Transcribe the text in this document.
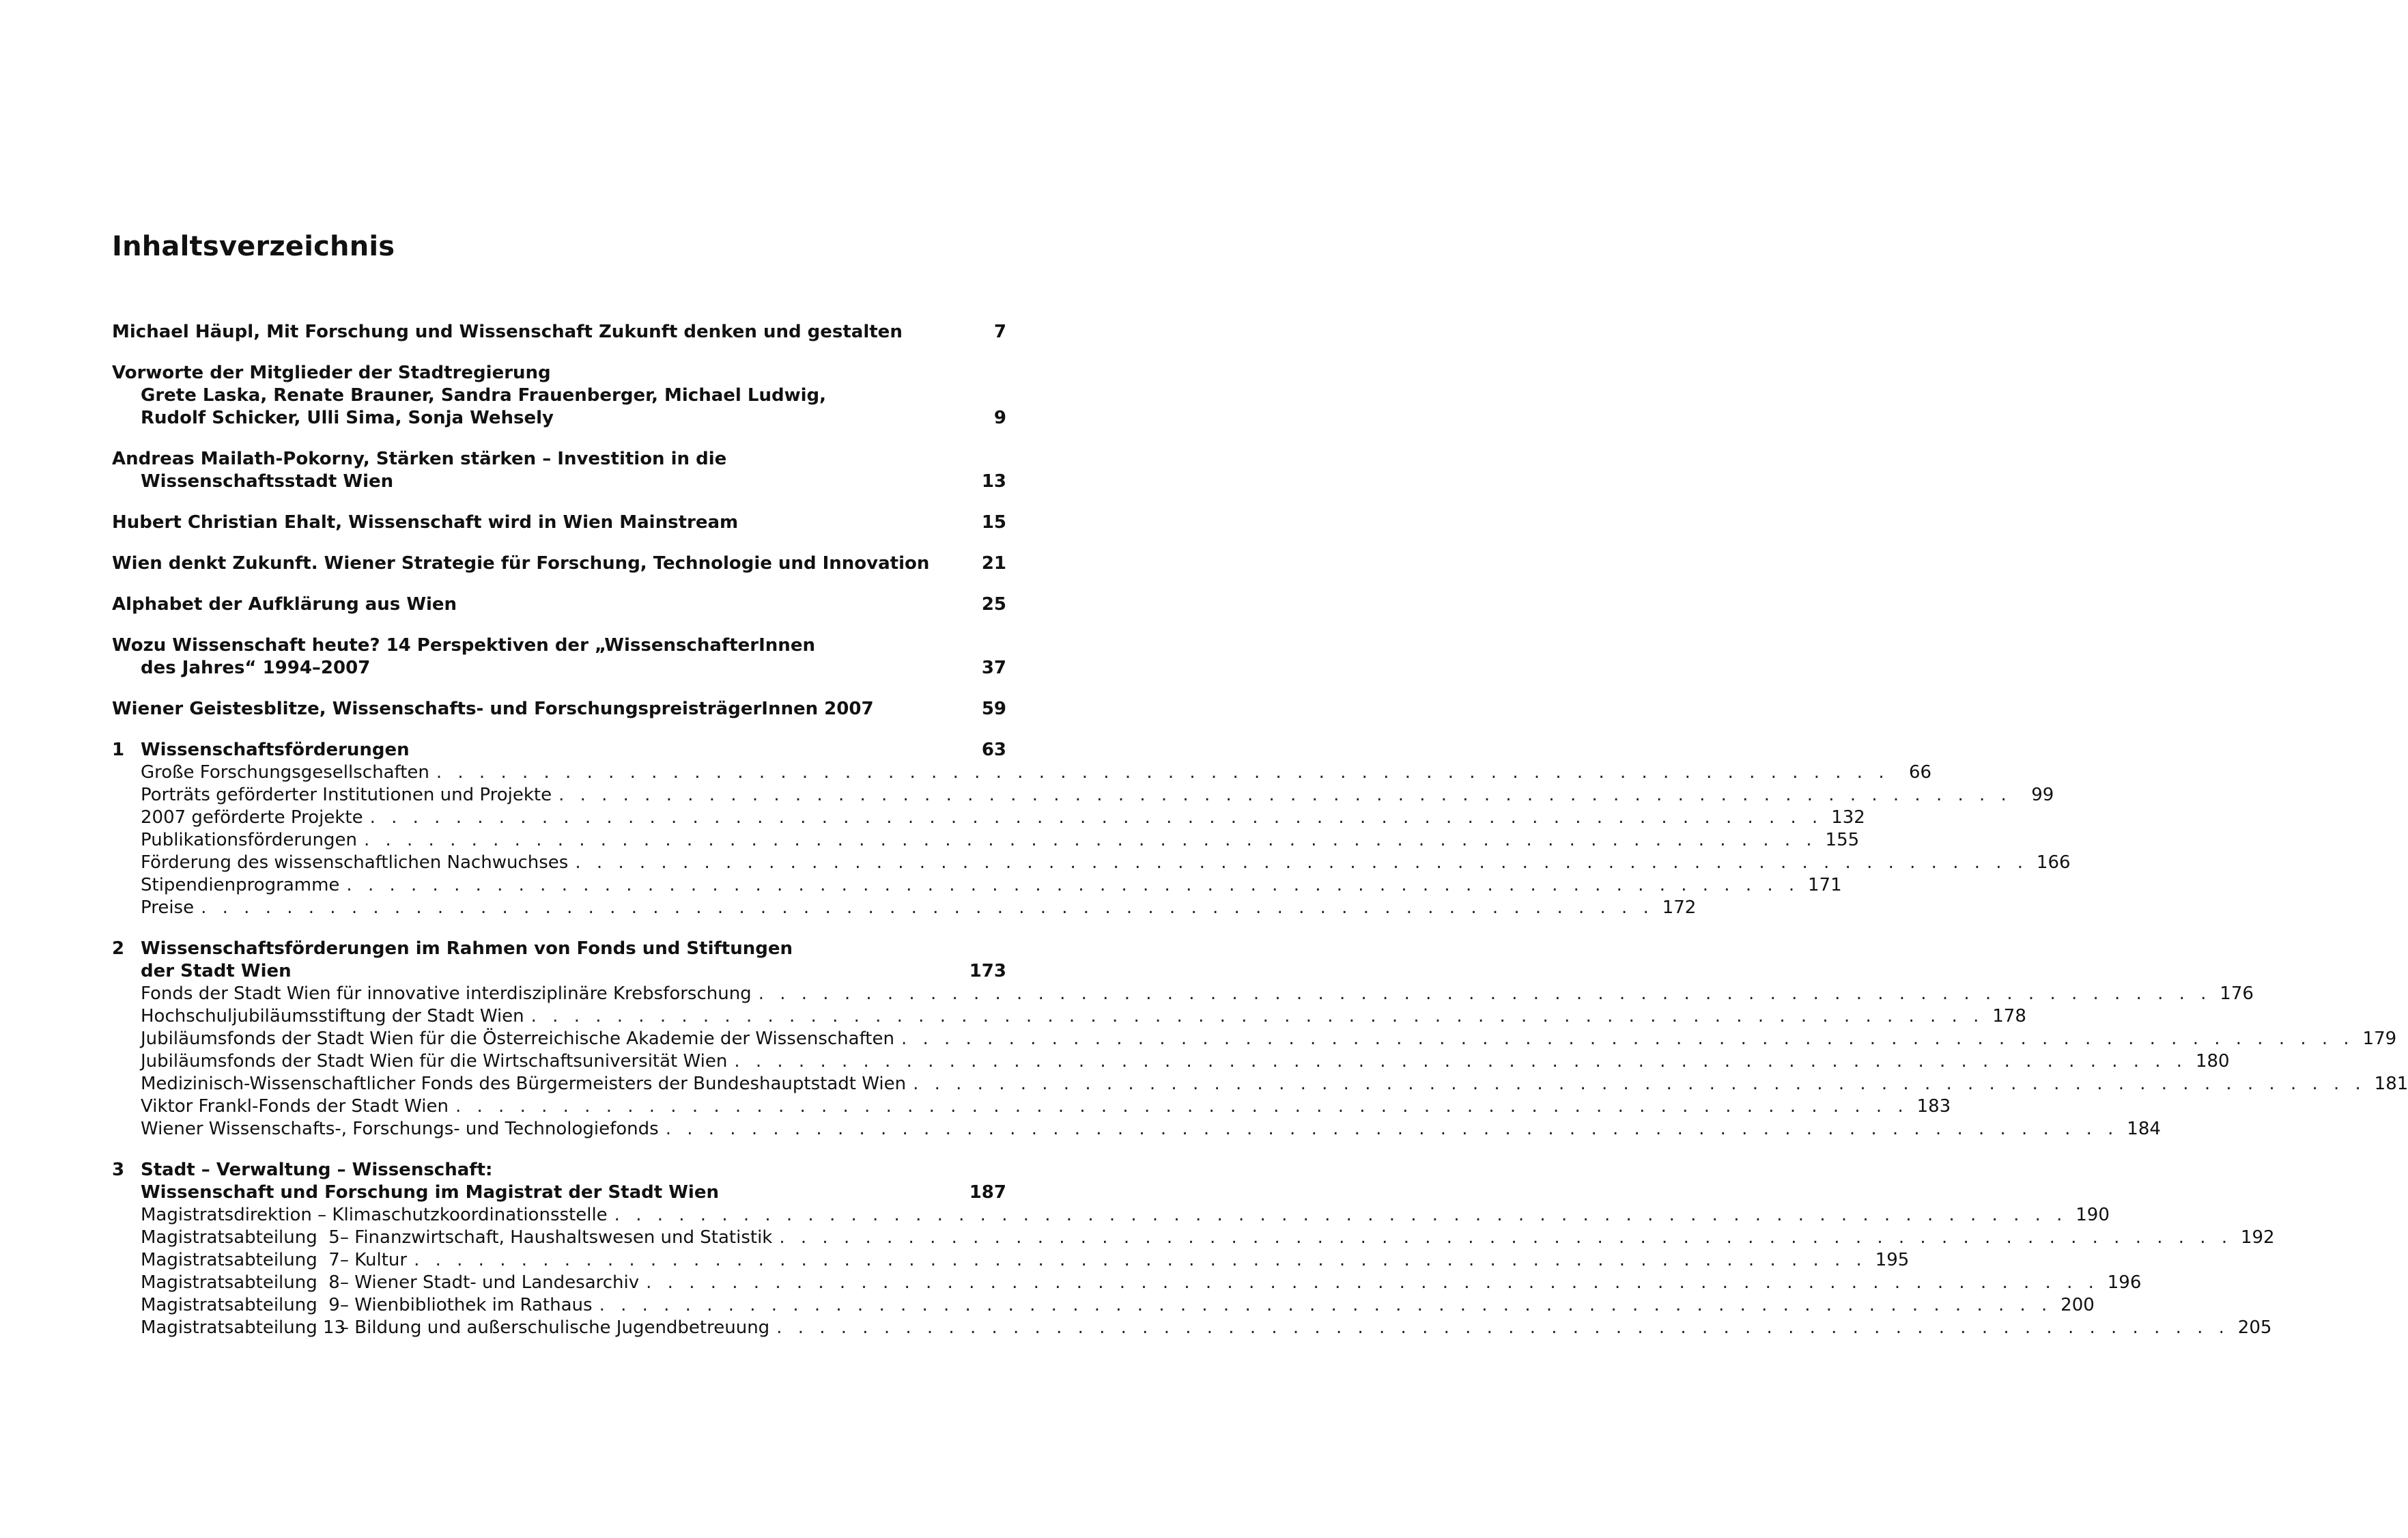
Inhaltsverzeichnis
Michael Häupl, Mit Forschung und Wissenschaft Zukunft denken und gestalten	7
Vorworte der Mitglieder der Stadtregierung
Grete Laska, Renate Brauner, Sandra Frauenberger, Michael Ludwig,
Rudolf Schicker, Ulli Sima, Sonja Wehsely	9
Andreas Mailath-Pokorny, Stärken stärken – Investition in die
Wissenschaftsstadt Wien	13
Hubert Christian Ehalt, Wissenschaft wird in Wien Mainstream	15
Wien denkt Zukunft. Wiener Strategie für Forschung, Technologie und Innovation	21
Alphabet der Aufklärung aus Wien	25
Wozu Wissenschaft heute? 14 Perspektiven der „WissenschafterInnen
des Jahres“ 1994–2007	37
Wiener Geistesblitze, Wissenschafts- und ForschungspreisträgerInnen 2007	59
1 Wissenschaftsförderungen	63
Große Forschungsgesellschaften . . . . . . . . . . . . . . . . . . . . . . . . . . . . . . . . . . . . . . . . . . . . . . . . . . . . . . . . . . . . . . . . . . . .	66
Porträts geförderter Institutionen und Projekte . . . . . . . . . . . . . . . . . . . . . . . . . . . . . . . . . . . . . . . . . . . . . . . . . . . . . . . . . . . . . . . . . . . .	99
2007 geförderte Projekte . . . . . . . . . . . . . . . . . . . . . . . . . . . . . . . . . . . . . . . . . . . . . . . . . . . . . . . . . . . . . . . . . . . . 132
Publikationsförderungen . . . . . . . . . . . . . . . . . . . . . . . . . . . . . . . . . . . . . . . . . . . . . . . . . . . . . . . . . . . . . . . . . . . . 155
Förderung des wissenschaftlichen Nachwuchses . . . . . . . . . . . . . . . . . . . . . . . . . . . . . . . . . . . . . . . . . . . . . . . . . . . . . . . . . . . . . . . . . . . . 166
Stipendienprogramme . . . . . . . . . . . . . . . . . . . . . . . . . . . . . . . . . . . . . . . . . . . . . . . . . . . . . . . . . . . . . . . . . . . . 171
Preise . . . . . . . . . . . . . . . . . . . . . . . . . . . . . . . . . . . . . . . . . . . . . . . . . . . . . . . . . . . . . . . . . . . . 172
2 Wissenschaftsförderungen im Rahmen von Fonds und Stiftungen
der Stadt Wien	173
Fonds der Stadt Wien für innovative interdisziplinäre Krebsforschung . . . . . . . . . . . . . . . . . . . . . . . . . . . . . . . . . . . . . . . . . . . . . . . . . . . . . . . . . . . . . . . . . . . . 176
Hochschuljubiläumsstiftung der Stadt Wien . . . . . . . . . . . . . . . . . . . . . . . . . . . . . . . . . . . . . . . . . . . . . . . . . . . . . . . . . . . . . . . . . . . . 178
Jubiläumsfonds der Stadt Wien für die Österreichische Akademie der Wissenschaften . . . . . . . . . . . . . . . . . . . . . . . . . . . . . . . . . . . . . . . . . . . . . . . . . . . . . . . . . . . . . . . . . . . . 179
Jubiläumsfonds der Stadt Wien für die Wirtschaftsuniversität Wien . . . . . . . . . . . . . . . . . . . . . . . . . . . . . . . . . . . . . . . . . . . . . . . . . . . . . . . . . . . . . . . . . . . . 180
Medizinisch-Wissenschaftlicher Fonds des Bürgermeisters der Bundeshauptstadt Wien . . . . . . . . . . . . . . . . . . . . . . . . . . . . . . . . . . . . . . . . . . . . . . . . . . . . . . . . . . . . . . . . . . . . 181
Viktor Frankl-Fonds der Stadt Wien . . . . . . . . . . . . . . . . . . . . . . . . . . . . . . . . . . . . . . . . . . . . . . . . . . . . . . . . . . . . . . . . . . . . 183
Wiener Wissenschafts-, Forschungs- und Technologiefonds . . . . . . . . . . . . . . . . . . . . . . . . . . . . . . . . . . . . . . . . . . . . . . . . . . . . . . . . . . . . . . . . . . . . 184
3 Stadt – Verwaltung – Wissenschaft:
Wissenschaft und Forschung im Magistrat der Stadt Wien	187
Magistratsdirektion – Klimaschutzkoordinationsstelle . . . . . . . . . . . . . . . . . . . . . . . . . . . . . . . . . . . . . . . . . . . . . . . . . . . . . . . . . . . . . . . . . . . . 190
Magistratsabteilung  5– Finanzwirtschaft, Haushaltswesen und Statistik . . . . . . . . . . . . . . . . . . . . . . . . . . . . . . . . . . . . . . . . . . . . . . . . . . . . . . . . . . . . . . . . . . . . 192
Magistratsabteilung  7– Kultur . . . . . . . . . . . . . . . . . . . . . . . . . . . . . . . . . . . . . . . . . . . . . . . . . . . . . . . . . . . . . . . . . . . . 195
Magistratsabteilung  8– Wiener Stadt- und Landesarchiv . . . . . . . . . . . . . . . . . . . . . . . . . . . . . . . . . . . . . . . . . . . . . . . . . . . . . . . . . . . . . . . . . . . . 196
Magistratsabteilung  9– Wienbibliothek im Rathaus . . . . . . . . . . . . . . . . . . . . . . . . . . . . . . . . . . . . . . . . . . . . . . . . . . . . . . . . . . . . . . . . . . . . 200
Magistratsabteilung 13– Bildung und außerschulische Jugendbetreuung . . . . . . . . . . . . . . . . . . . . . . . . . . . . . . . . . . . . . . . . . . . . . . . . . . . . . . . . . . . . . . . . . . . . 205
